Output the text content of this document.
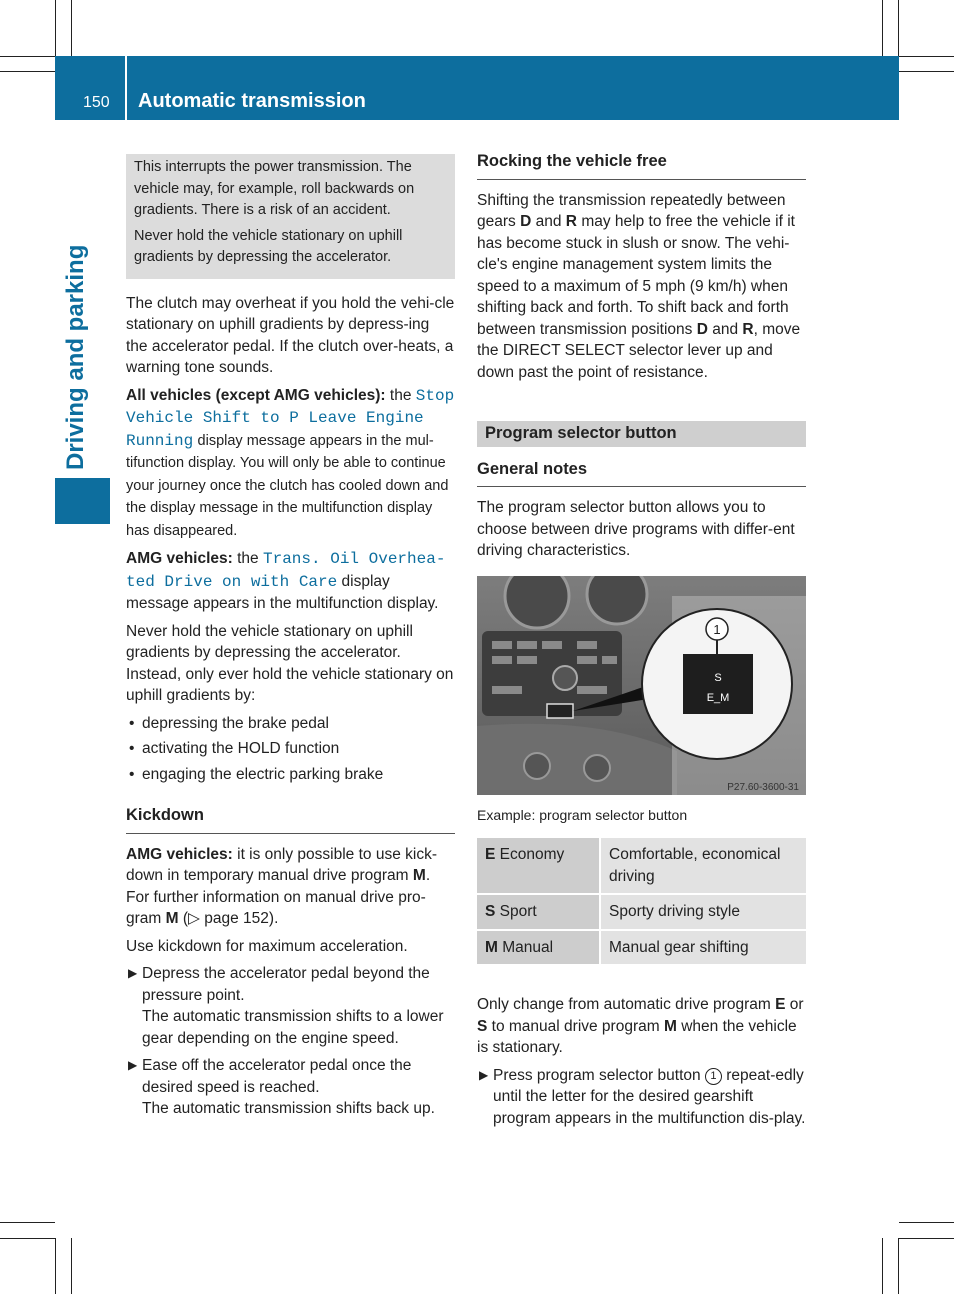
150 Automatic transmission
Driving and parking

This interrupts the power transmission. The vehicle may, for example, roll backwards on gradients. There is a risk of an accident.

Never hold the vehicle stationary on uphill gradients by depressing the accelerator.

The clutch may overheat if you hold the vehi-cle stationary on uphill gradients by depress-ing the accelerator pedal. If the clutch over-heats, a warning tone sounds.

All vehicles (except AMG vehicles): the Stop Vehicle Shift to P Leave Engine Running display message appears in the mul-tifunction display. You will only be able to continue your journey once the clutch has cooled down and the display message in the multifunction display has disappeared.

AMG vehicles: the Trans. Oil Overhea-ted Drive on with Care display message appears in the multifunction display.

Never hold the vehicle stationary on uphill gradients by depressing the accelerator. Instead, only ever hold the vehicle stationary on uphill gradients by:

• depressing the brake pedal
• activating the HOLD function
• engaging the electric parking brake
Kickdown

AMG vehicles: it is only possible to use kick-down in temporary manual drive program M. For further information on manual drive pro-gram M (▷ page 152).

Use kickdown for maximum acceleration.

▶ Depress the accelerator pedal beyond the pressure point.
The automatic transmission shifts to a lower gear depending on the engine speed.
▶ Ease off the accelerator pedal once the desired speed is reached.
The automatic transmission shifts back up.
Rocking the vehicle free

Shifting the transmission repeatedly between gears D and R may help to free the vehicle if it has become stuck in slush or snow. The vehi-cle's engine management system limits the speed to a maximum of 5 mph (9 km/h) when shifting back and forth. To shift back and forth between transmission positions D and R, move the DIRECT SELECT selector lever up and down past the point of resistance.

Program selector button
General notes

The program selector button allows you to choose between drive programs with differ-ent driving characteristics.

1
S
E_M
P27.60-3600-31
Example: program selector button
E Economy	Comfortable, economical driving
S Sport	Sporty driving style
M Manual	Manual gear shifting

Only change from automatic drive program E or S to manual drive program M when the vehicle is stationary.

▶ Press program selector button 1 repeat-edly until the letter for the desired gearshift program appears in the multifunction dis-play.
